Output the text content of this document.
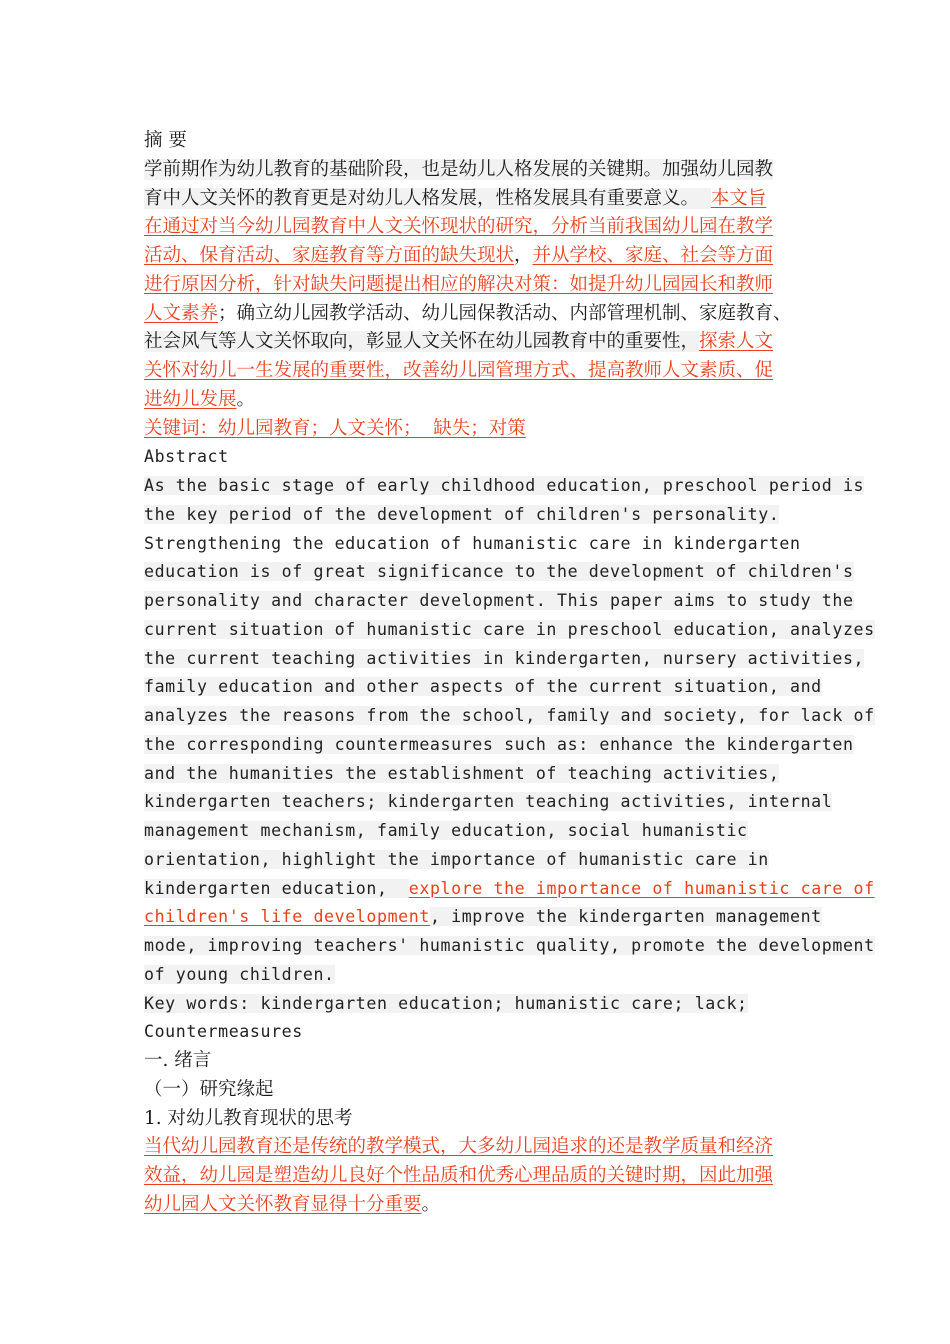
摘 要
学前期作为幼儿教育的基础阶段，也是幼儿人格发展的关键期。加强幼儿园教
育中人文关怀的教育更是对幼儿人格发展，性格发展具有重要意义。  本文旨
在通过对当今幼儿园教育中人文关怀现状的研究，分析当前我国幼儿园在教学
活动、保育活动、家庭教育等方面的缺失现状，并从学校、家庭、社会等方面
进行原因分析，针对缺失问题提出相应的解决对策：如提升幼儿园园长和教师
人文素养；确立幼儿园教学活动、幼儿园保教活动、内部管理机制、家庭教育、
社会风气等人文关怀取向，彰显人文关怀在幼儿园教育中的重要性，探索人文
关怀对幼儿一生发展的重要性，改善幼儿园管理方式、提高教师人文素质、促
进幼儿发展。
关键词：幼儿园教育；人文关怀；  缺失；对策
Abstract
As the basic stage of early childhood education, preschool period is
the key period of the development of children's personality.
Strengthening the education of humanistic care in kindergarten
education is of great significance to the development of children's
personality and character development. This paper aims to study the
current situation of humanistic care in preschool education, analyzes
the current teaching activities in kindergarten, nursery activities,
family education and other aspects of the current situation, and
analyzes the reasons from the school, family and society, for lack of
the corresponding countermeasures such as: enhance the kindergarten
and the humanities the establishment of teaching activities,
kindergarten teachers; kindergarten teaching activities, internal
management mechanism, family education, social humanistic
orientation, highlight the importance of humanistic care in
kindergarten education,  explore the importance of humanistic care of
children's life development, improve the kindergarten management
mode, improving teachers' humanistic quality, promote the development
of young children.
Key words: kindergarten education; humanistic care; lack;
Countermeasures
一. 绪言
（一）研究缘起
1. 对幼儿教育现状的思考
当代幼儿园教育还是传统的教学模式，大多幼儿园追求的还是教学质量和经济
效益，幼儿园是塑造幼儿良好个性品质和优秀心理品质的关键时期，因此加强
幼儿园人文关怀教育显得十分重要。
